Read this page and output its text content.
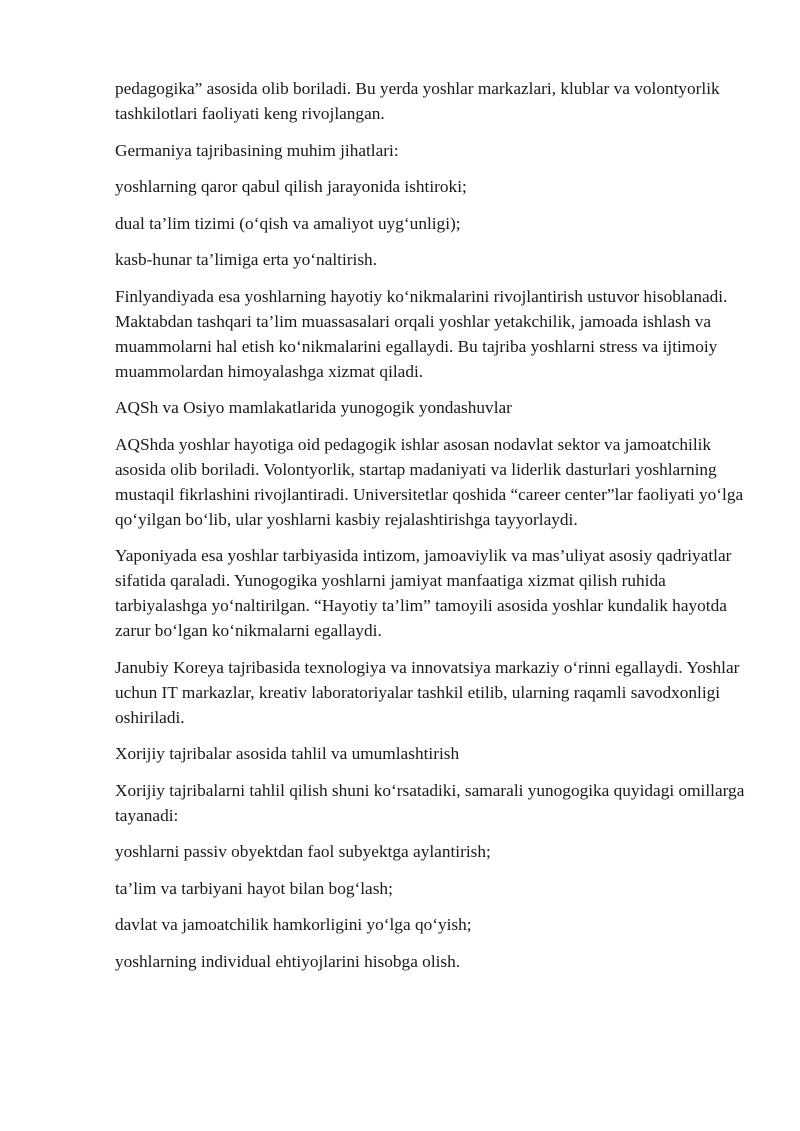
pedagogika” asosida olib boriladi. Bu yerda yoshlar markazlari, klublar va volontyorlik tashkilotlari faoliyati keng rivojlangan.

Germaniya tajribasining muhim jihatlari:

yoshlarning qaror qabul qilish jarayonida ishtiroki;

dual ta’lim tizimi (o‘qish va amaliyot uyg‘unligi);

kasb-hunar ta’limiga erta yo‘naltirish.

Finlyandiyada esa yoshlarning hayotiy ko‘nikmalarini rivojlantirish ustuvor hisoblanadi. Maktabdan tashqari ta’lim muassasalari orqali yoshlar yetakchilik, jamoada ishlash va muammolarni hal etish ko‘nikmalarini egallaydi. Bu tajriba yoshlarni stress va ijtimoiy muammolardan himoyalashga xizmat qiladi.

AQSh va Osiyo mamlakatlarida yunogogik yondashuvlar

AQShda yoshlar hayotiga oid pedagogik ishlar asosan nodavlat sektor va jamoatchilik asosida olib boriladi. Volontyorlik, startap madaniyati va liderlik dasturlari yoshlarning mustaqil fikrlashini rivojlantiradi. Universitetlar qoshida “career center”lar faoliyati yo‘lga qo‘yilgan bo‘lib, ular yoshlarni kasbiy rejalashtirishga tayyorlaydi.

Yaponiyada esa yoshlar tarbiyasida intizom, jamoaviylik va mas’uliyat asosiy qadriyatlar sifatida qaraladi. Yunogogika yoshlarni jamiyat manfaatiga xizmat qilish ruhida tarbiyalashga yo‘naltirilgan. “Hayotiy ta’lim” tamoyili asosida yoshlar kundalik hayotda zarur bo‘lgan ko‘nikmalarni egallaydi.

Janubiy Koreya tajribasida texnologiya va innovatsiya markaziy o‘rinni egallaydi. Yoshlar uchun IT markazlar, kreativ laboratoriyalar tashkil etilib, ularning raqamli savodxonligi oshiriladi.

Xorijiy tajribalar asosida tahlil va umumlashtirish

Xorijiy tajribalarni tahlil qilish shuni ko‘rsatadiki, samarali yunogogika quyidagi omillarga tayanadi:

yoshlarni passiv obyektdan faol subyektga aylantirish;

ta’lim va tarbiyani hayot bilan bog‘lash;

davlat va jamoatchilik hamkorligini yo‘lga qo‘yish;

yoshlarning individual ehtiyojlarini hisobga olish.
